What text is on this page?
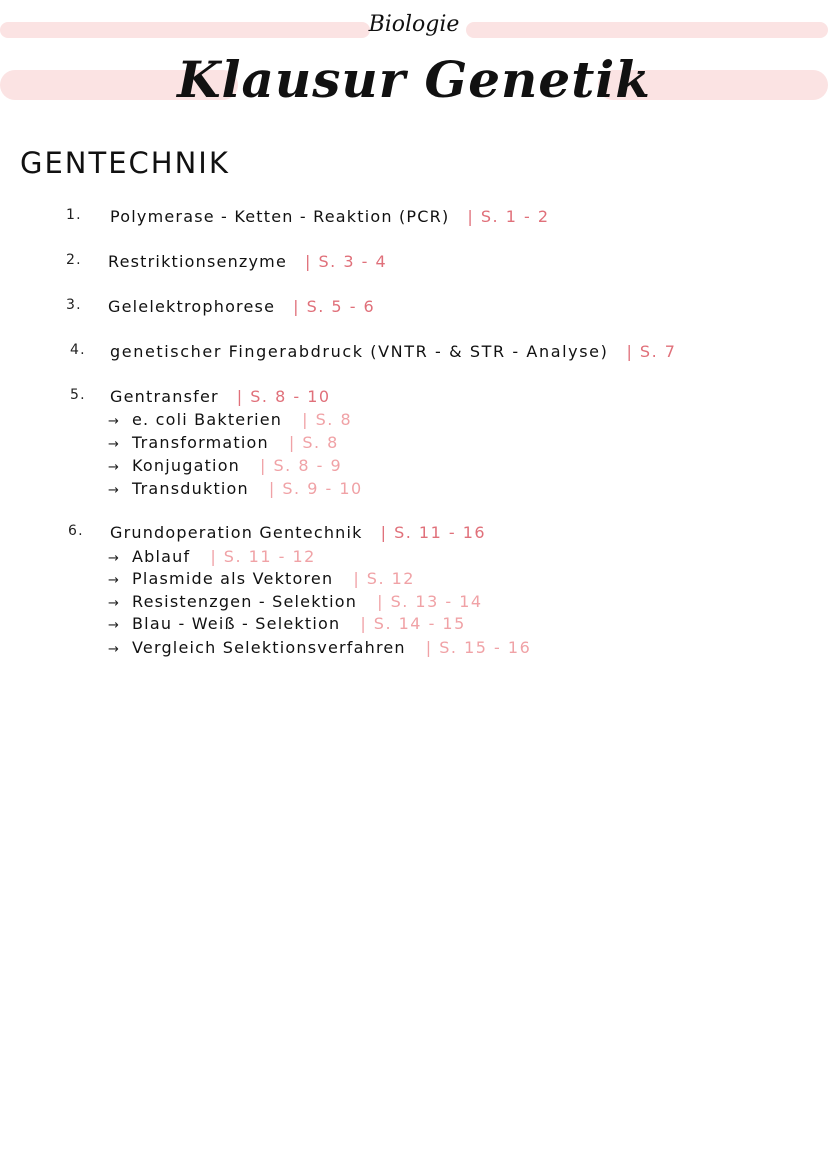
Biologie
Klausur Genetik
GENTECHNIK
1. Polymerase - Ketten - Reaktion (PCR) | S. 1 - 2
2. Restriktionsenzyme | S. 3 - 4
3. Gelelektrophorese | S. 5 - 6
4. genetischer Fingerabdruck (VNTR - & STR - Analyse) | S. 7
5. Gentransfer | S. 8 - 10
→ e. coli Bakterien | S. 8
→ Transformation | S. 8
→ Konjugation | S. 8 - 9
→ Transduktion | S. 9 - 10
6. Grundoperation Gentechnik | S. 11 - 16
→ Ablauf | S. 11 - 12
→ Plasmide als Vektoren | S. 12
→ Resistenzgen - Selektion | S. 13 - 14
→ Blau - Weiß - Selektion | S. 14 - 15
→ Vergleich Selektionsverfahren | S. 15 - 16
